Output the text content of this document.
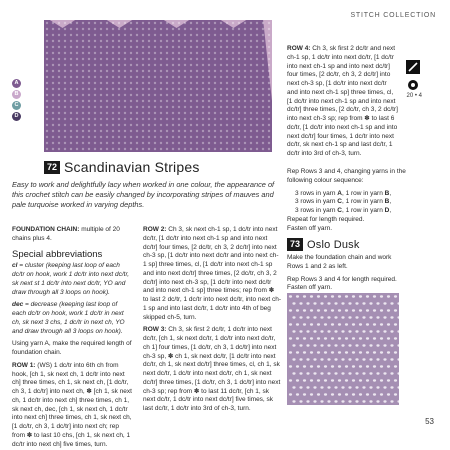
STITCH COLLECTION
A
B
C
D
72 Scandinavian Stripes
Easy to work and delightfully lacy when worked in one colour, the appearance of this crochet stitch can be easily changed by incorporating stripes of mauves and pale turquoise worked in varying depths.

FOUNDATION CHAIN: multiple of 20 chains plus 4.

Special abbreviations

cl = cluster (keeping last loop of each dc/tr on hook, work 1 dc/tr into next dc/tr, sk next st 1 dc/tr into next dc/tr, YO and draw through all 3 loops on hook).

dec = decrease (keeping last loop of each dc/tr on hook, work 1 dc/tr in next ch, sk next 3 chs, 1 dc/tr in next ch, YO and draw through all 3 loops on hook).

Using yarn A, make the required length of foundation chain.

ROW 1: (WS) 1 dc/tr into 6th ch from hook, [ch 1, sk next ch, 1 dc/tr into next ch] three times, ch 1, sk next ch, [1 dc/tr, ch 3, 1 dc/tr] into next ch, ✽ [ch 1, sk next ch, 1 dc/tr into next ch] three times, ch 1, sk next ch, dec, [ch 1, sk next ch, 1 dc/tr into next ch] three times, ch 1, sk next ch, [1 dc/tr, ch 3, 1 dc/tr] into next ch; rep from ✽ to last 10 chs, [ch 1, sk next ch, 1 dc/tr into next ch] five times, turn.

ROW 2: Ch 3, sk next ch-1 sp, 1 dc/tr into next dc/tr, [1 dc/tr into next ch-1 sp and into next dc/tr] four times, [2 dc/tr, ch 3, 2 dc/tr] into next ch-3 sp, [1 dc/tr into next dc/tr and into next ch-1 sp] three times, cl, [1 dc/tr into next ch-1 sp and into next dc/tr] three times, [2 dc/tr, ch 3, 2 dc/tr] into next ch-3 sp, [1 dc/tr into next dc/tr and into next ch-1 sp] three times; rep from ✽ to last 2 dc/tr, 1 dc/tr into next dc/tr, into next ch-1 sp and into last dc/tr, 1 dc/tr into 4th of beg skipped ch-5, turn.

ROW 3: Ch 3, sk first 2 dc/tr, 1 dc/tr into next dc/tr, [ch 1, sk next dc/tr, 1 dc/tr into next dc/tr, ch 1] four times, [1 dc/tr, ch 3, 1 dc/tr] into next ch-3 sp, ✽ ch 1, sk next dc/tr, [1 dc/tr into next dc/tr, ch 1, sk next dc/tr] three times, cl, ch 1, sk next dc/tr, 1 dc/tr into next dc/tr, ch 1, sk next dc/tr] three times, [1 dc/tr, ch 3, 1 dc/tr] into next ch-3 sp; rep from ✽ to last 11 dc/tr, [ch 1, sk next dc/tr, 1 dc/tr into next dc/tr] five times, sk last dc/tr, 1 dc/tr into 3rd of ch-3, turn.

ROW 4: Ch 3, sk first 2 dc/tr and next ch-1 sp, 1 dc/tr into next dc/tr, [1 dc/tr into next ch-1 sp and into next dc/tr] four times, [2 dc/tr, ch 3, 2 dc/tr] into next ch-3 sp, [1 dc/tr into next dc/tr and into next ch-1 sp] three times, cl, [1 dc/tr into next ch-1 sp and into next dc/tr] three times, [2 dc/tr, ch 3, 2 dc/tr] into next ch-3 sp; rep from ✽ to last 6 dc/tr, [1 dc/tr into next ch-1 sp and into next dc/tr] four times, 1 dc/tr into next dc/tr, sk next ch-1 sp and last dc/tr, 1 dc/tr into 3rd of ch-3, turn.

20 • 4
73 Oslo Dusk

Make the foundation chain and work Rows 1 and 2 as left.

Rep Rows 3 and 4 for length required. Fasten off yarn.

53

Rep Rows 3 and 4, changing yarns in the following colour sequence:

3 rows in yarn A, 1 row in yarn B,
3 rows in yarn C, 1 row in yarn B,
3 rows in yarn C, 1 row in yarn D,
Repeat for length required.
Fasten off yarn.
